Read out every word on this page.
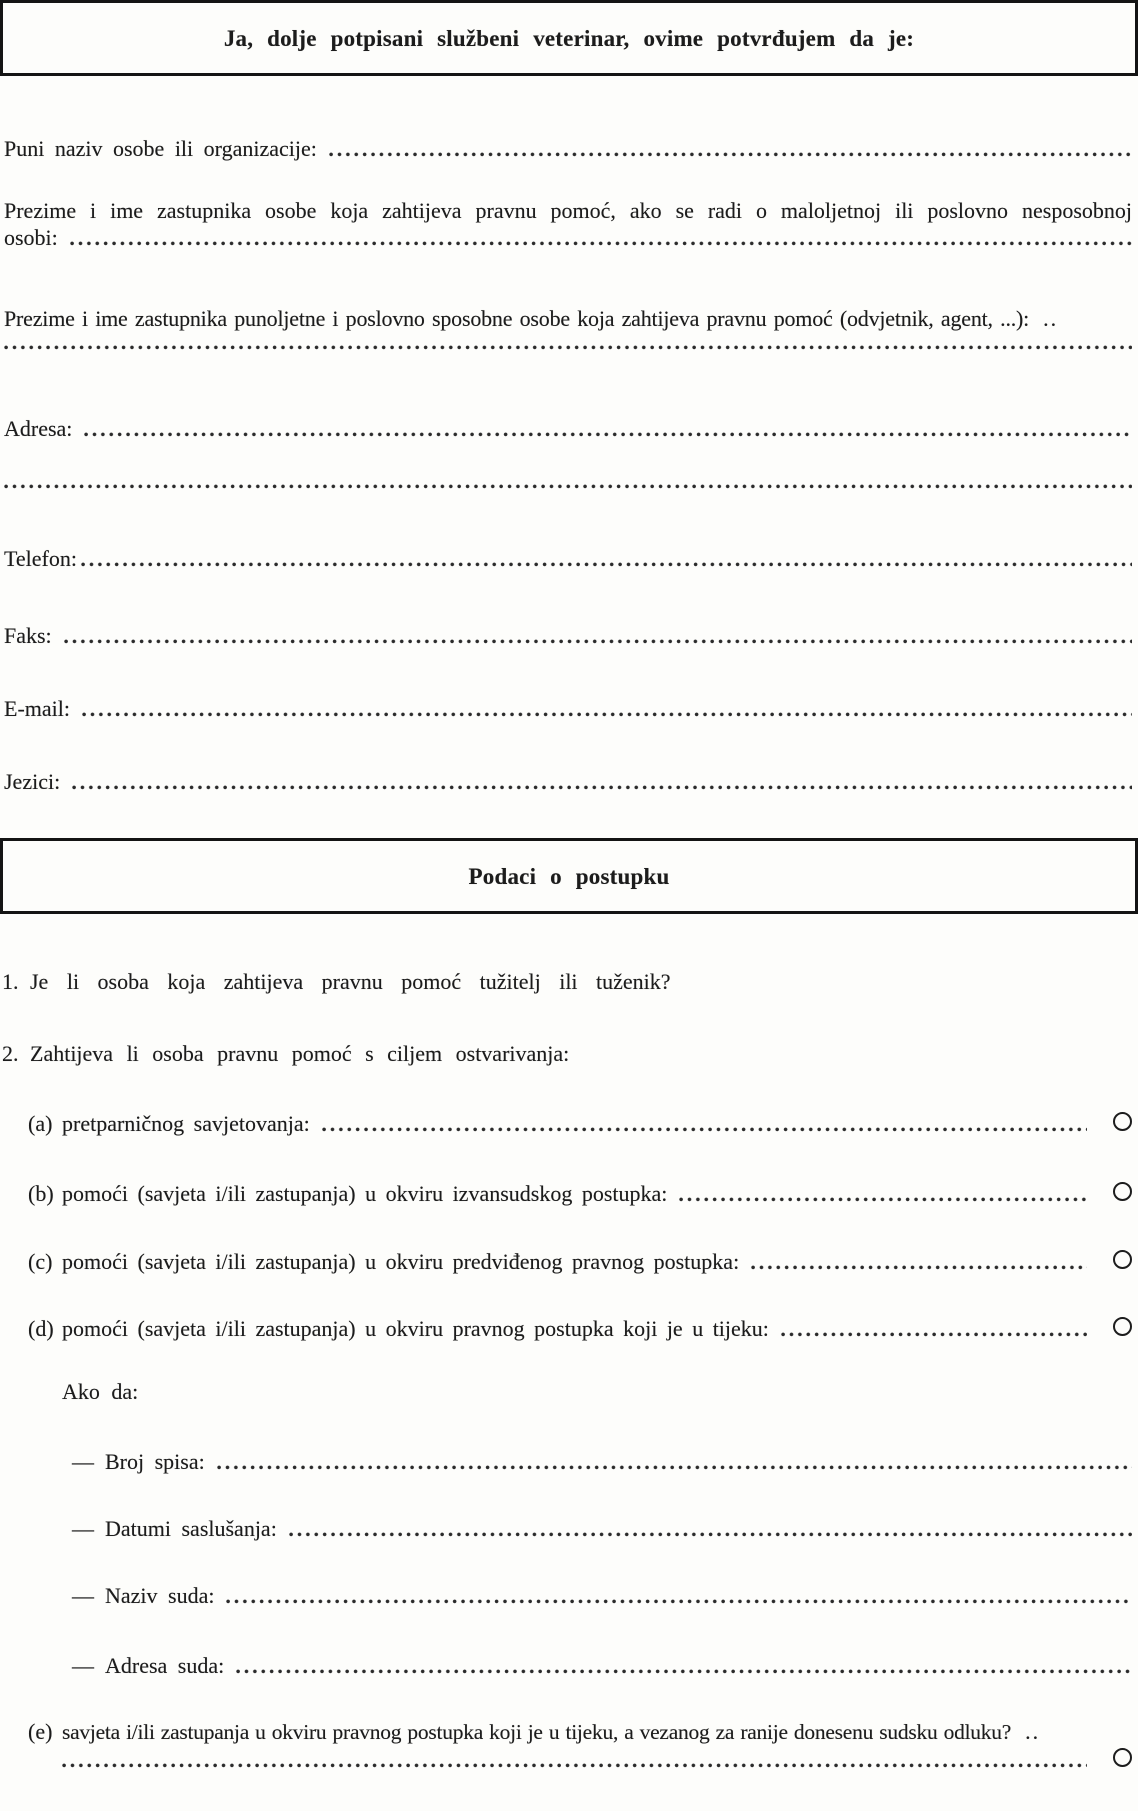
Ja, dolje potpisani službeni veterinar, ovime potvrđujem da je:
Puni naziv osobe ili organizacije:
Prezime i ime zastupnika osobe koja zahtijeva pravnu pomoć, ako se radi o maloljetnoj ili poslovno nesposobnoj
osobi:
Prezime i ime zastupnika punoljetne i poslovno sposobne osobe koja zahtijeva pravnu pomoć (odvjetnik, agent, ...): ..
Adresa:
Telefon:
Faks:
E-mail:
Jezici:
Podaci o postupku
1. Je li osoba koja zahtijeva pravnu pomoć tužitelj ili tuženik?
2. Zahtijeva li osoba pravnu pomoć s ciljem ostvarivanja:
(a) pretparničnog savjetovanja:
(b) pomoći (savjeta i/ili zastupanja) u okviru izvansudskog postupka:
(c) pomoći (savjeta i/ili zastupanja) u okviru predviđenog pravnog postupka:
(d) pomoći (savjeta i/ili zastupanja) u okviru pravnog postupka koji je u tijeku:
Ako da:
— Broj spisa:
— Datumi saslušanja:
— Naziv suda:
— Adresa suda:
(e) savjeta i/ili zastupanja u okviru pravnog postupka koji je u tijeku, a vezanog za ranije donesenu sudsku odluku? ..
